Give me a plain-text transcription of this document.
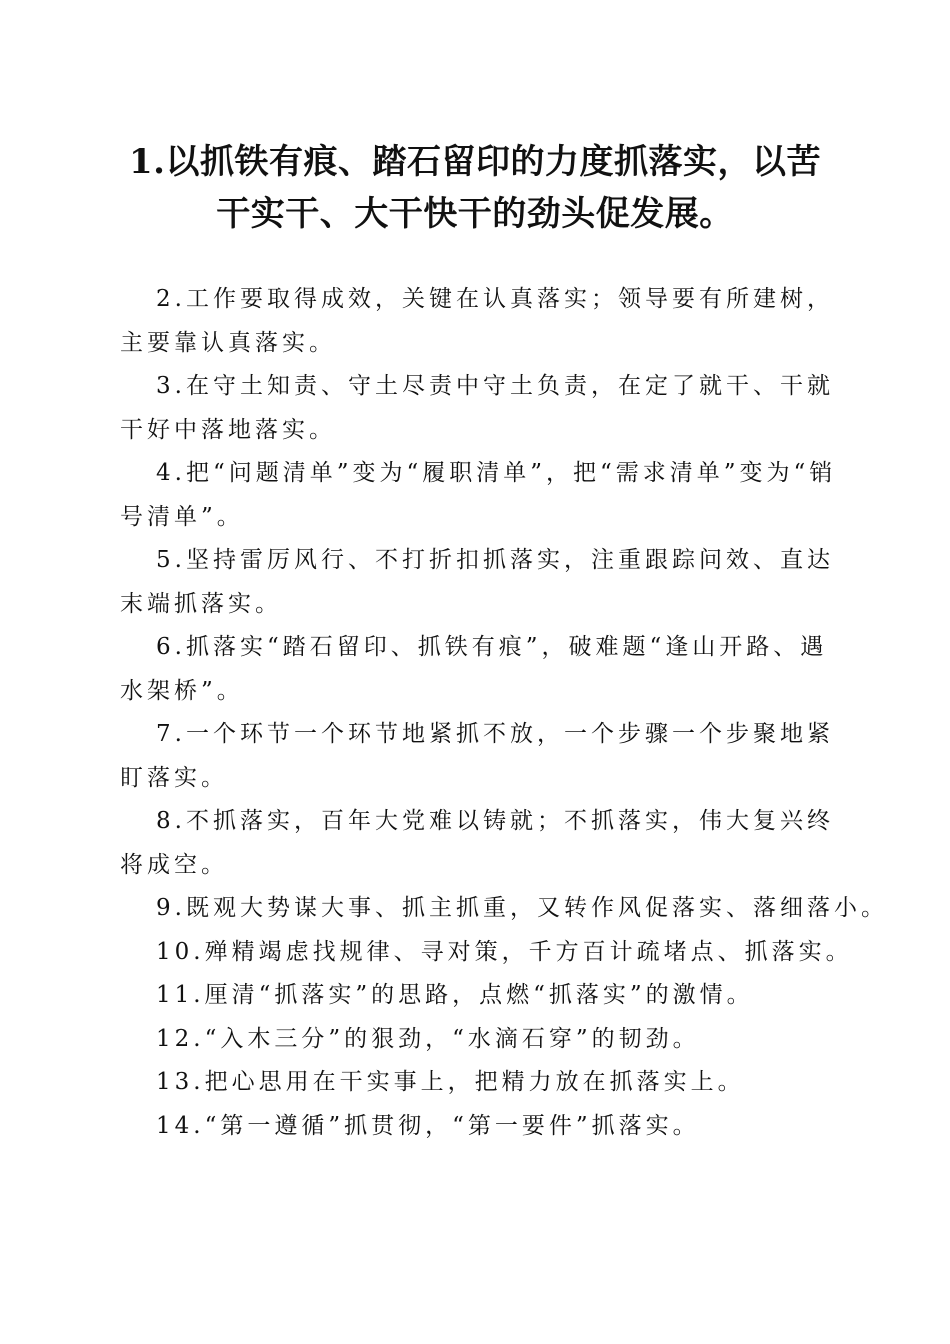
1.以抓铁有痕、踏石留印的力度抓落实，以苦
干实干、大干快干的劲头促发展。

2.工作要取得成效，关键在认真落实；领导要有所建树，主要靠认真落实。

3.在守土知责、守土尽责中守土负责，在定了就干、干就干好中落地落实。

4.把“问题清单”变为“履职清单”，把“需求清单”变为“销号清单”。

5.坚持雷厉风行、不打折扣抓落实，注重跟踪问效、直达末端抓落实。

6.抓落实“踏石留印、抓铁有痕”，破难题“逢山开路、遇水架桥”。

7.一个环节一个环节地紧抓不放，一个步骤一个步聚地紧盯落实。

8.不抓落实，百年大党难以铸就；不抓落实，伟大复兴终将成空。

9.既观大势谋大事、抓主抓重，又转作风促落实、落细落小。

10.殚精竭虑找规律、寻对策，千方百计疏堵点、抓落实。

11.厘清“抓落实”的思路，点燃“抓落实”的激情。

12.“入木三分”的狠劲，“水滴石穿”的韧劲。

13.把心思用在干实事上，把精力放在抓落实上。

14.“第一遵循”抓贯彻，“第一要件”抓落实。
